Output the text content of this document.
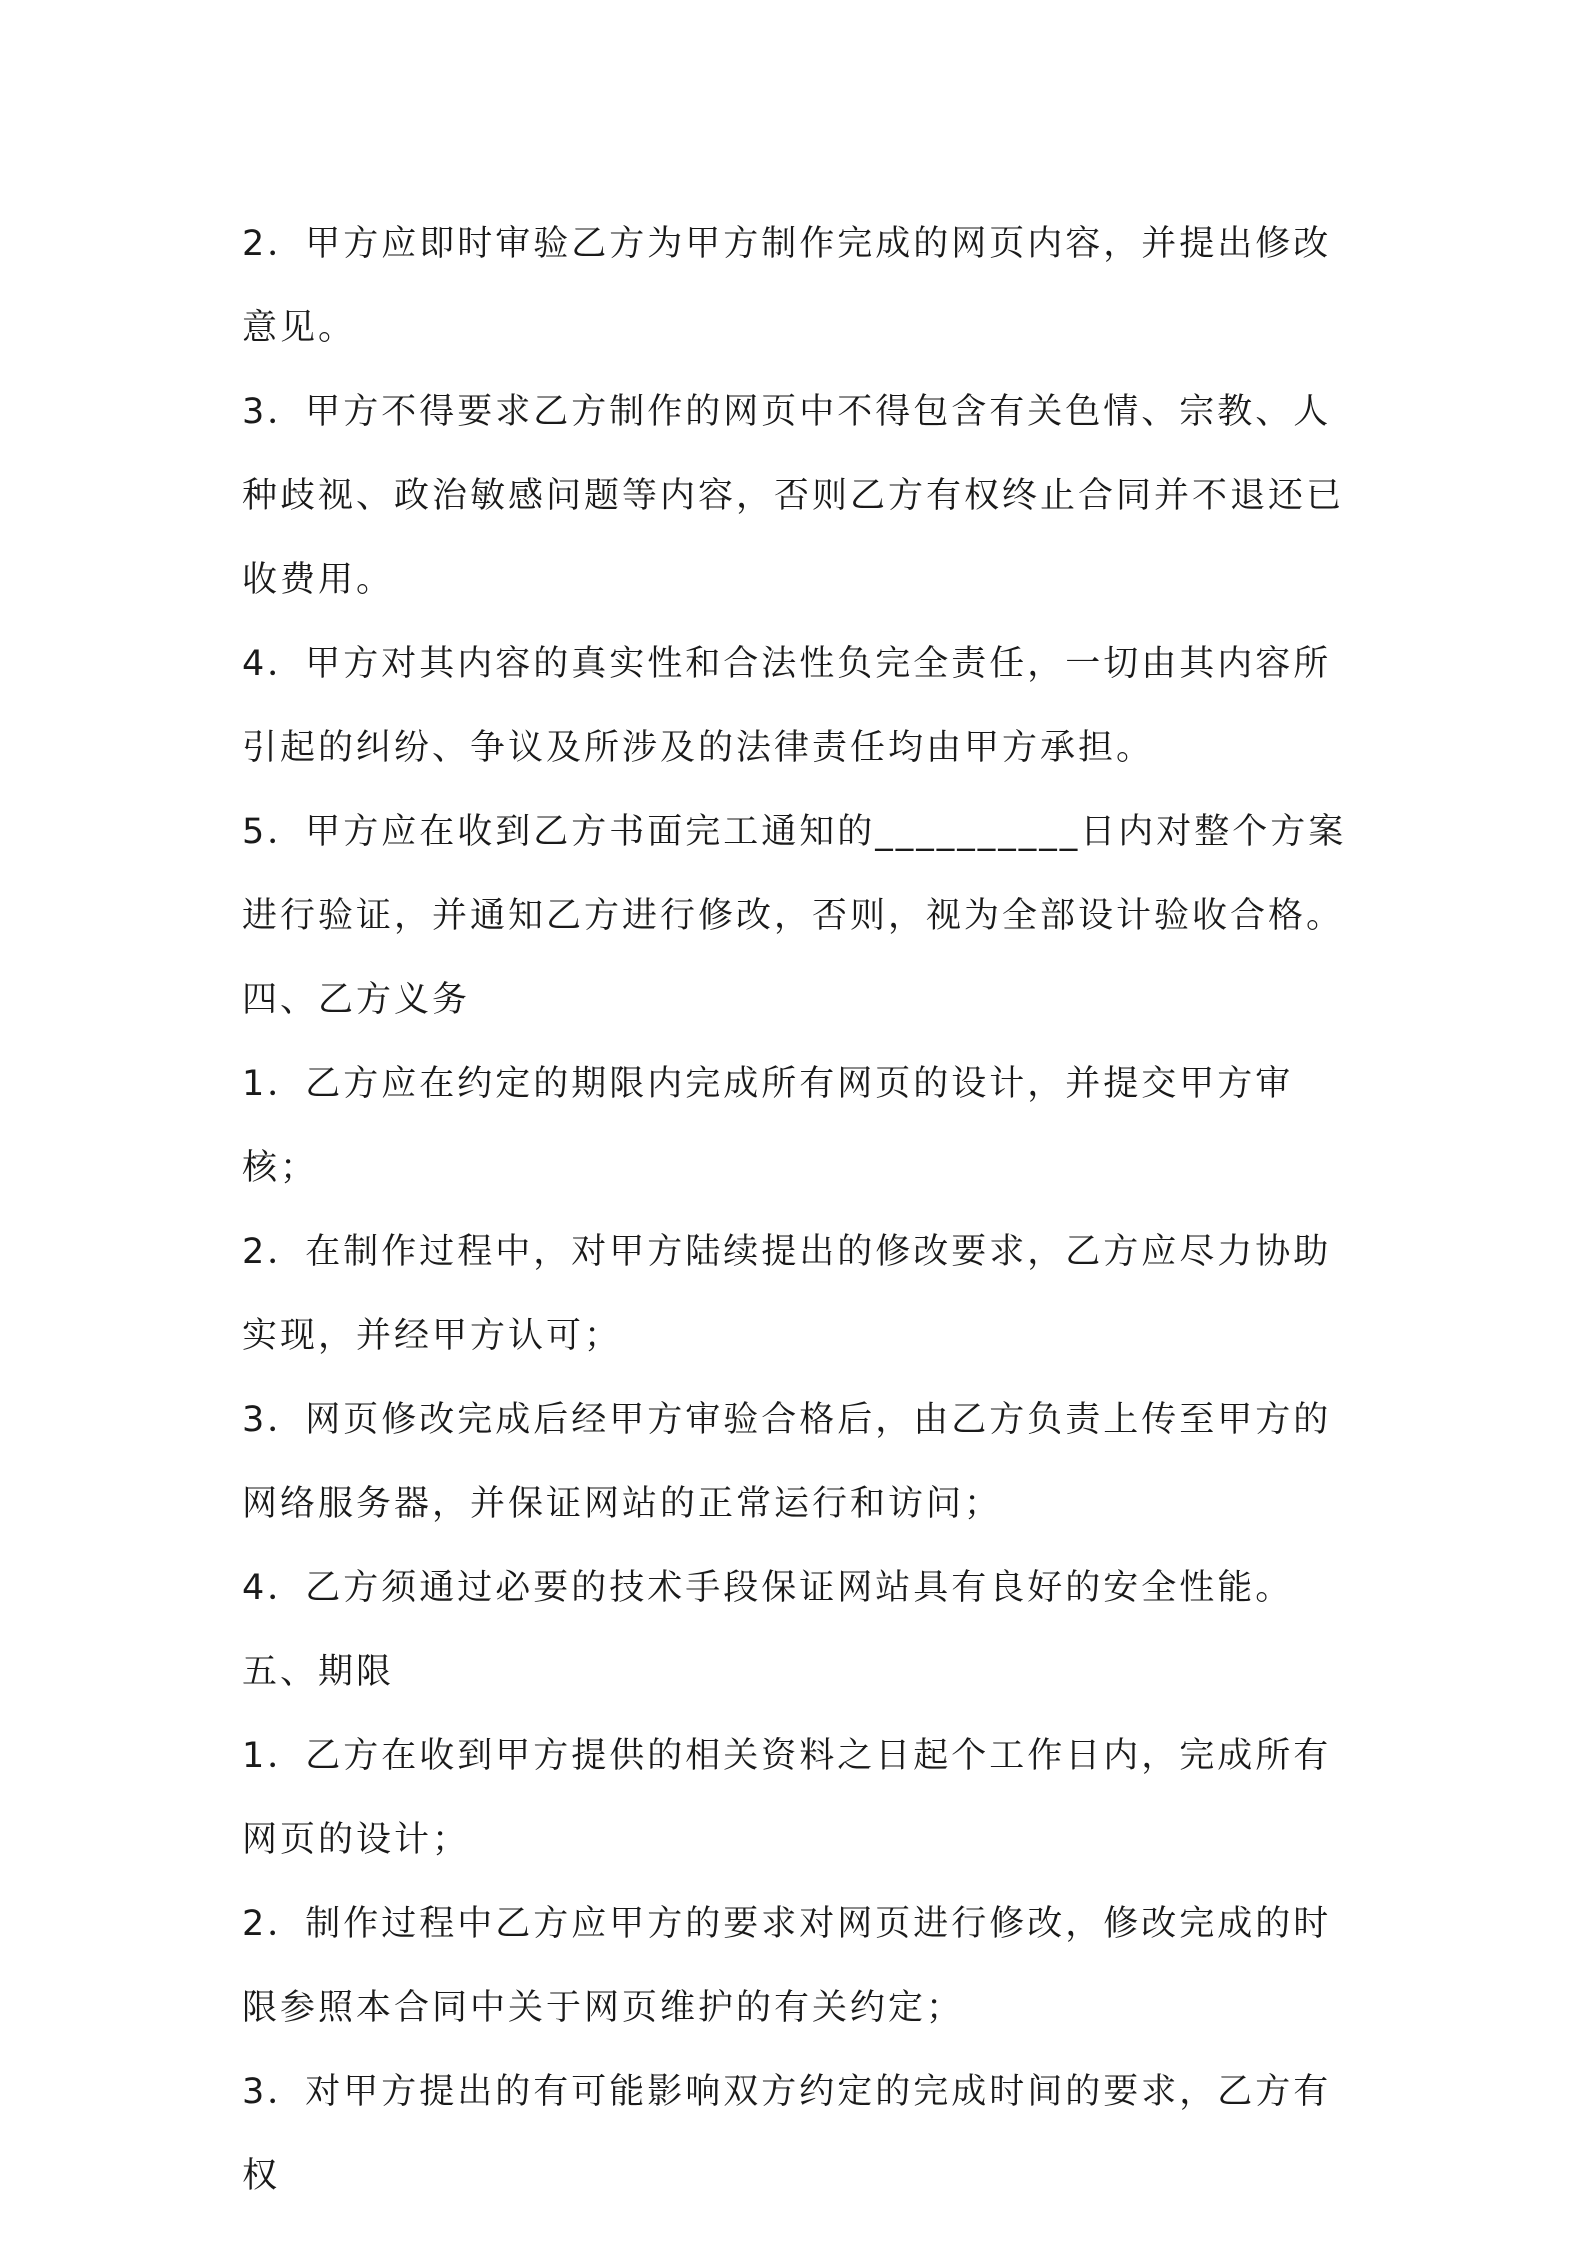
2．甲方应即时审验乙方为甲方制作完成的网页内容，并提出修改意见。

3．甲方不得要求乙方制作的网页中不得包含有关色情、宗教、人种歧视、政治敏感问题等内容，否则乙方有权终止合同并不退还已收费用。

4．甲方对其内容的真实性和合法性负完全责任，一切由其内容所引起的纠纷、争议及所涉及的法律责任均由甲方承担。

5．甲方应在收到乙方书面完工通知的__________日内对整个方案进行验证，并通知乙方进行修改，否则，视为全部设计验收合格。

四、乙方义务

1．乙方应在约定的期限内完成所有网页的设计，并提交甲方审核；

2．在制作过程中，对甲方陆续提出的修改要求，乙方应尽力协助实现，并经甲方认可；

3．网页修改完成后经甲方审验合格后，由乙方负责上传至甲方的网络服务器，并保证网站的正常运行和访问；

4．乙方须通过必要的技术手段保证网站具有良好的安全性能。

五、期限

1．乙方在收到甲方提供的相关资料之日起个工作日内，完成所有网页的设计；

2．制作过程中乙方应甲方的要求对网页进行修改，修改完成的时限参照本合同中关于网页维护的有关约定；

3．对甲方提出的有可能影响双方约定的完成时间的要求，乙方有权
